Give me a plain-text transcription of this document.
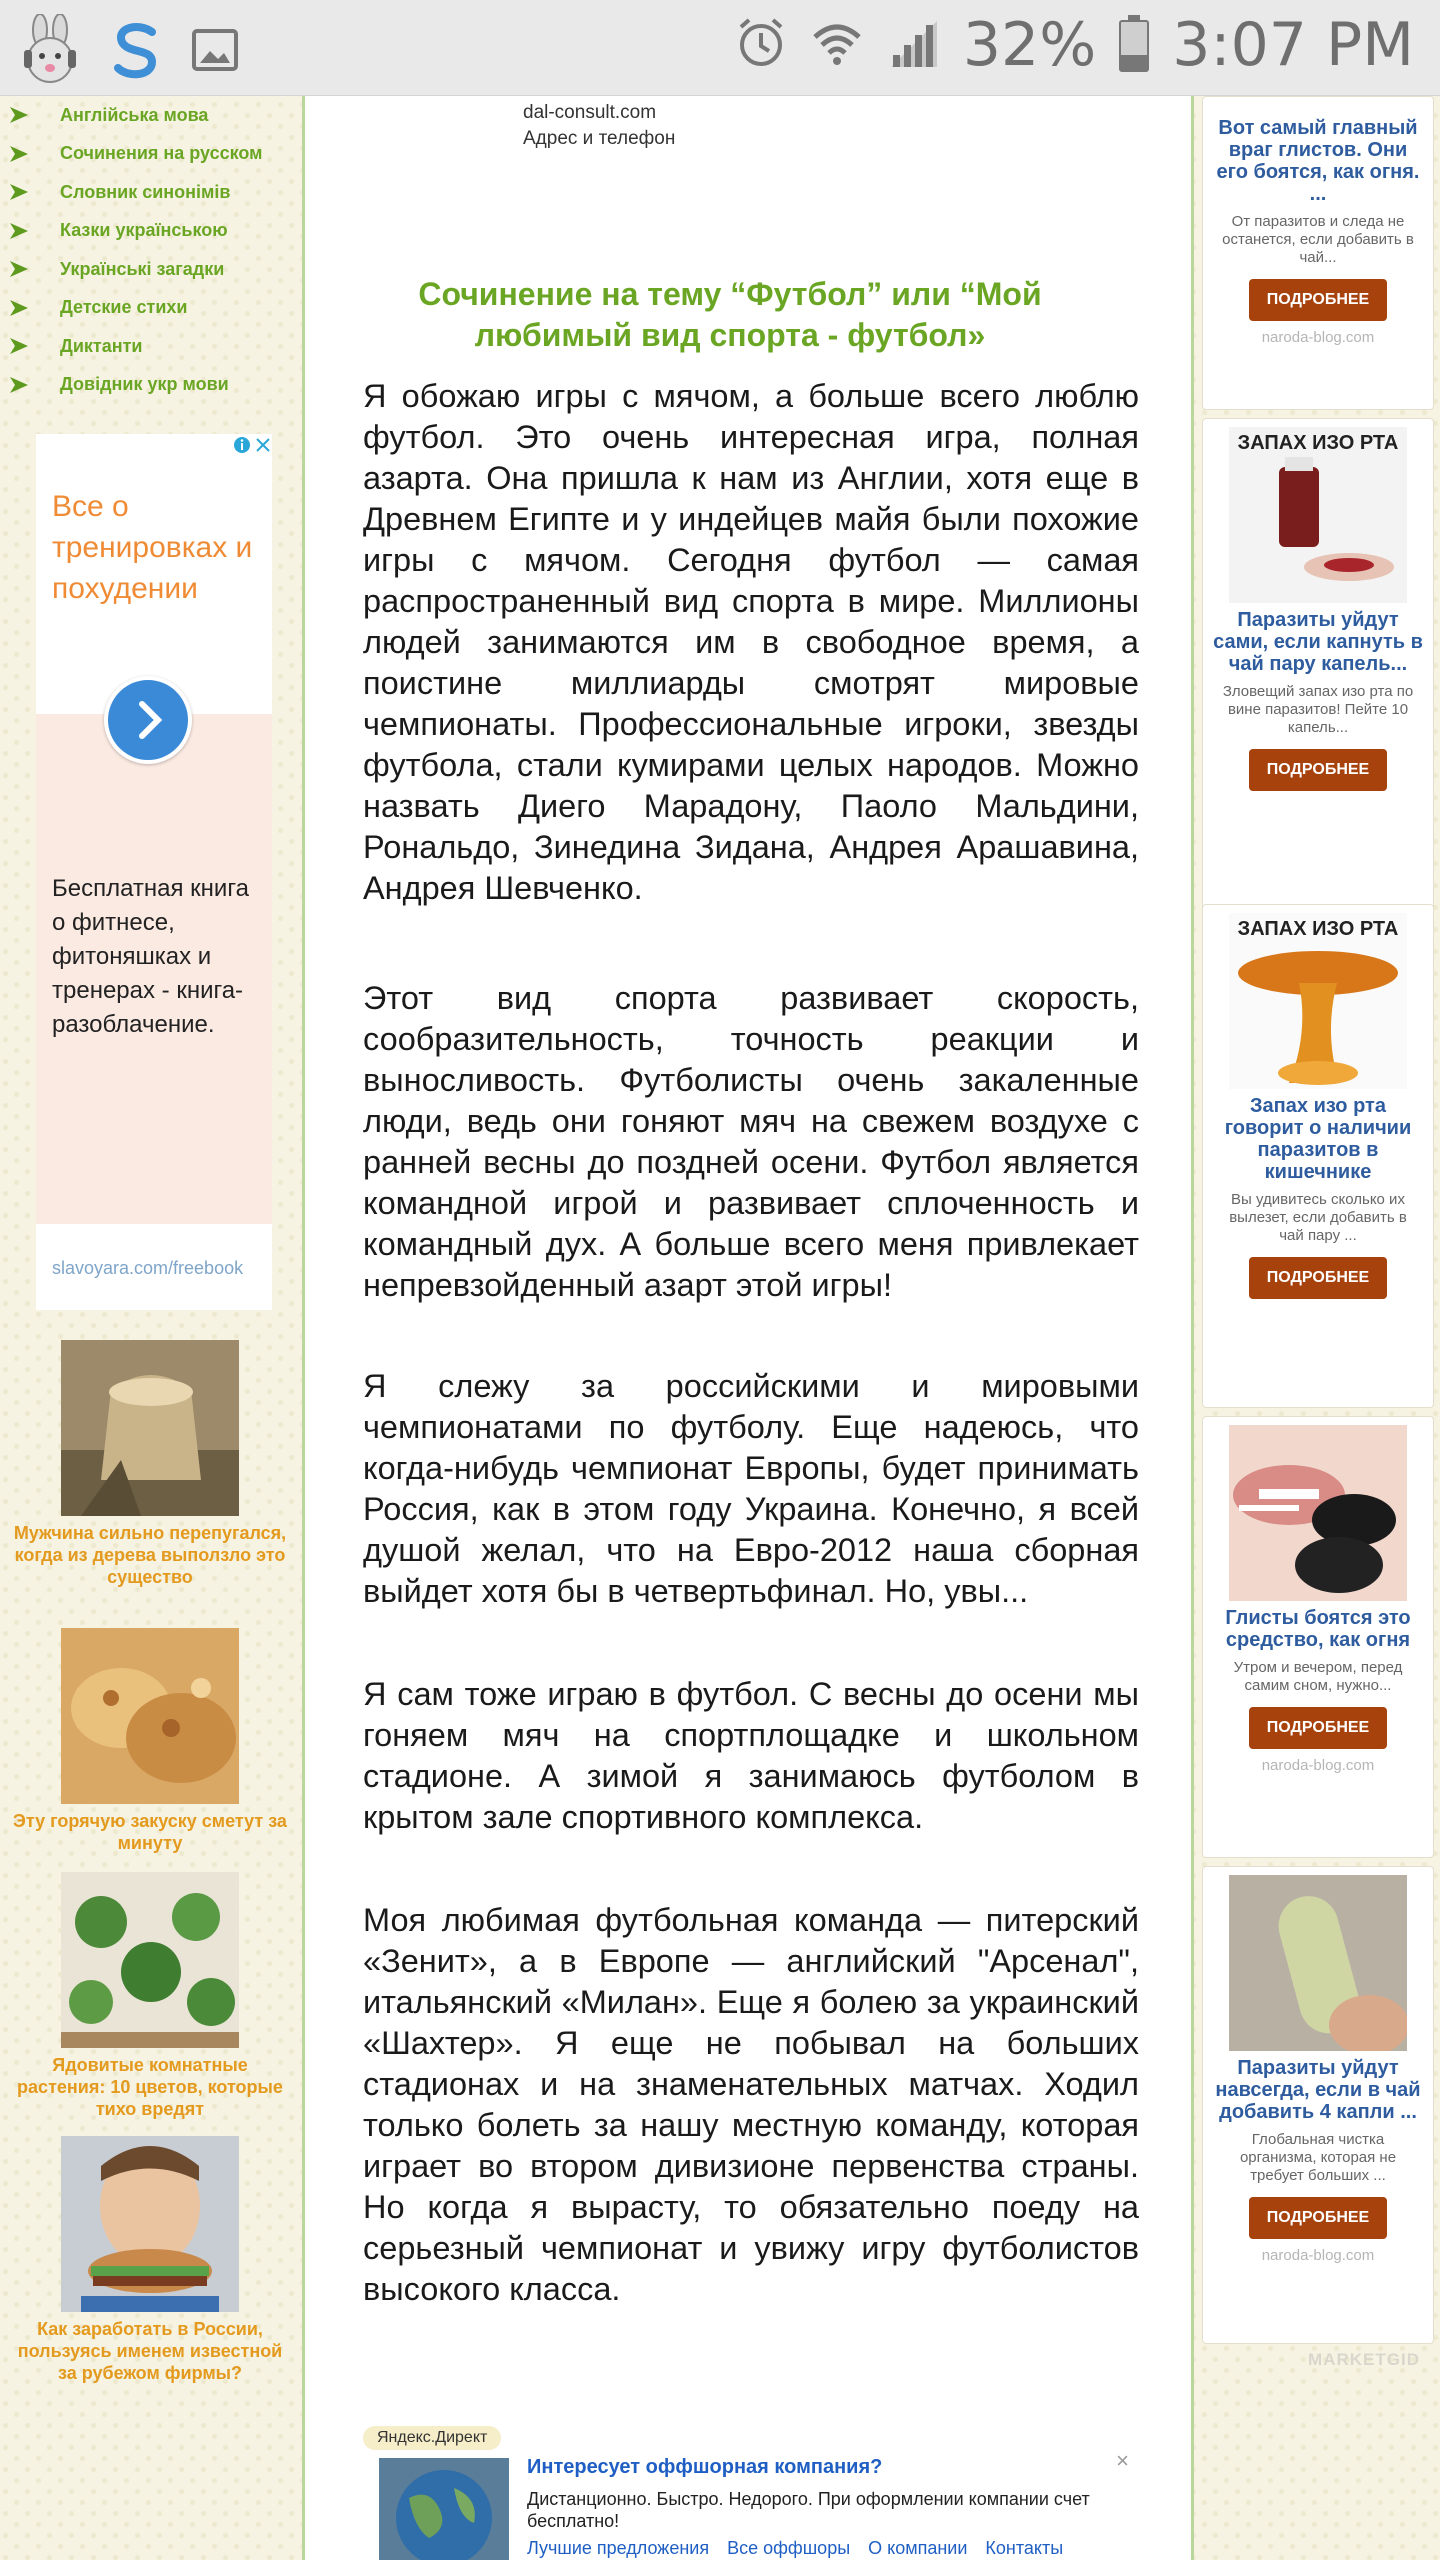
32% 3:07 PM
Англійська мова
Сочинения на русском
Словник синонімів
Казки українською
Українські загадки
Детские стихи
Диктанти
Довідник укр мови
Все о тренировках и похудении
Бесплатная книга о фитнесе, фитоняшках и тренерах - книга-разоблачение.
slavoyara.com/freebook
Мужчина сильно перепугался, когда из дерева выползло это существо
Эту горячую закуску сметут за минуту
Ядовитые комнатные растения: 10 цветов, которые тихо вредят
Как заработать в России, пользуясь именем известной за рубежом фирмы?
dal-consult.com
Адрес и телефон
Сочинение на тему “Футбол” или “Мой любимый вид спорта - футбол»

Я обожаю игры с мячом, а больше всего люблю футбол. Это очень интересная игра, полная азарта. Она пришла к нам из Англии, хотя еще в Древнем Египте и у индейцев майя были похожие игры с мячом. Сегодня футбол — самая распространенный вид спорта в мире. Миллионы людей занимаются им в свободное время, а поистине миллиарды смотрят мировые чемпионаты. Профессиональные игроки, звезды футбола, стали кумирами целых народов. Можно назвать Диего Марадону, Паоло Мальдини, Рональдо, Зинедина Зидана, Андрея Арашавина, Андрея Шевченко.

Этот вид спорта развивает скорость, сообразительность, точность реакции и выносливость. Футболисты очень закаленные люди, ведь они гоняют мяч на свежем воздухе с ранней весны до поздней осени. Футбол является командной игрой и развивает сплоченность и командный дух. А больше всего меня привлекает непревзойденный азарт этой игры!

Я слежу за российскими и мировыми чемпионатами по футболу. Еще надеюсь, что когда-нибудь чемпионат Европы, будет принимать Россия, как в этом году Украина. Конечно, я всей душой желал, что на Евро-2012 наша сборная выйдет хотя бы в четвертьфинал. Но, увы...

Я сам тоже играю в футбол. С весны до осени мы гоняем мяч на спортплощадке и школьном стадионе. А зимой я занимаюсь футболом в крытом зале спортивного комплекса.

Моя любимая футбольная команда — питерский «Зенит», а в Европе — английский "Арсенал", итальянский «Милан». Еще я болею за украинский «Шахтер». Я еще не побывал на больших стадионах и на знаменательных матчах. Ходил только болеть за нашу местную команду, которая играет во втором дивизионе первенства страны. Но когда я вырасту, то обязательно поеду на серьезный чемпионат и увижу игру футболистов высокого класса.

Яндекс.Директ
×
Интересует оффшорная компания?
Дистанционно. Быстро. Недорого. При оформлении компании счет бесплатно!
Лучшие предложения Все оффшоры О компании Контакты
Вот самый главный враг глистов. Они его боятся, как огня. ...
От паразитов и следа не останется, если добавить в чай...
ПОДРОБНЕЕ
naroda-blog.com
ЗАПАХ ИЗО РТА
Паразиты уйдут сами, если капнуть в чай пару капель...
Зловещий запах изо рта по вине паразитов! Пейте 10 капель...
ПОДРОБНЕЕ
ЗАПАХ ИЗО РТА
Запах изо рта говорит о наличии паразитов в кишечнике
Вы удивитесь сколько их вылезет, если добавить в чай пару ...
ПОДРОБНЕЕ
Глисты боятся это средство, как огня
Утром и вечером, перед самим сном, нужно...
ПОДРОБНЕЕ
naroda-blog.com
Паразиты уйдут навсегда, если в чай добавить 4 капли ...
Глобальная чистка организма, которая не требует больших ...
ПОДРОБНЕЕ
naroda-blog.com
MARKETGID
